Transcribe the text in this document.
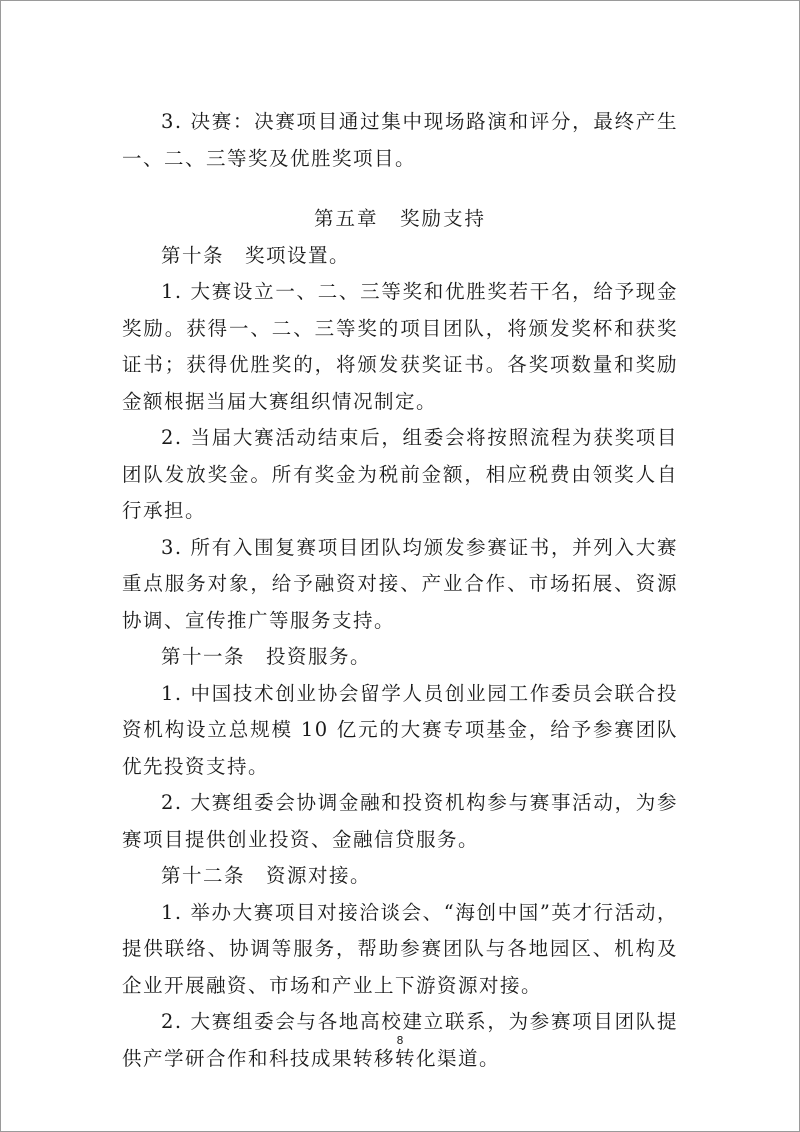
3. 决赛：决赛项目通过集中现场路演和评分，最终产生一、二、三等奖及优胜奖项目。

第五章　奖励支持

第十条　奖项设置。

1. 大赛设立一、二、三等奖和优胜奖若干名，给予现金奖励。获得一、二、三等奖的项目团队，将颁发奖杯和获奖证书；获得优胜奖的，将颁发获奖证书。各奖项数量和奖励金额根据当届大赛组织情况制定。

2. 当届大赛活动结束后，组委会将按照流程为获奖项目团队发放奖金。所有奖金为税前金额，相应税费由领奖人自行承担。

3. 所有入围复赛项目团队均颁发参赛证书，并列入大赛重点服务对象，给予融资对接、产业合作、市场拓展、资源协调、宣传推广等服务支持。

第十一条　投资服务。

1. 中国技术创业协会留学人员创业园工作委员会联合投资机构设立总规模 10 亿元的大赛专项基金，给予参赛团队优先投资支持。

2. 大赛组委会协调金融和投资机构参与赛事活动，为参赛项目提供创业投资、金融信贷服务。

第十二条　资源对接。

1. 举办大赛项目对接洽谈会、“海创中国”英才行活动，提供联络、协调等服务，帮助参赛团队与各地园区、机构及企业开展融资、市场和产业上下游资源对接。

2. 大赛组委会与各地高校建立联系，为参赛项目团队提供产学研合作和科技成果转移转化渠道。

8
